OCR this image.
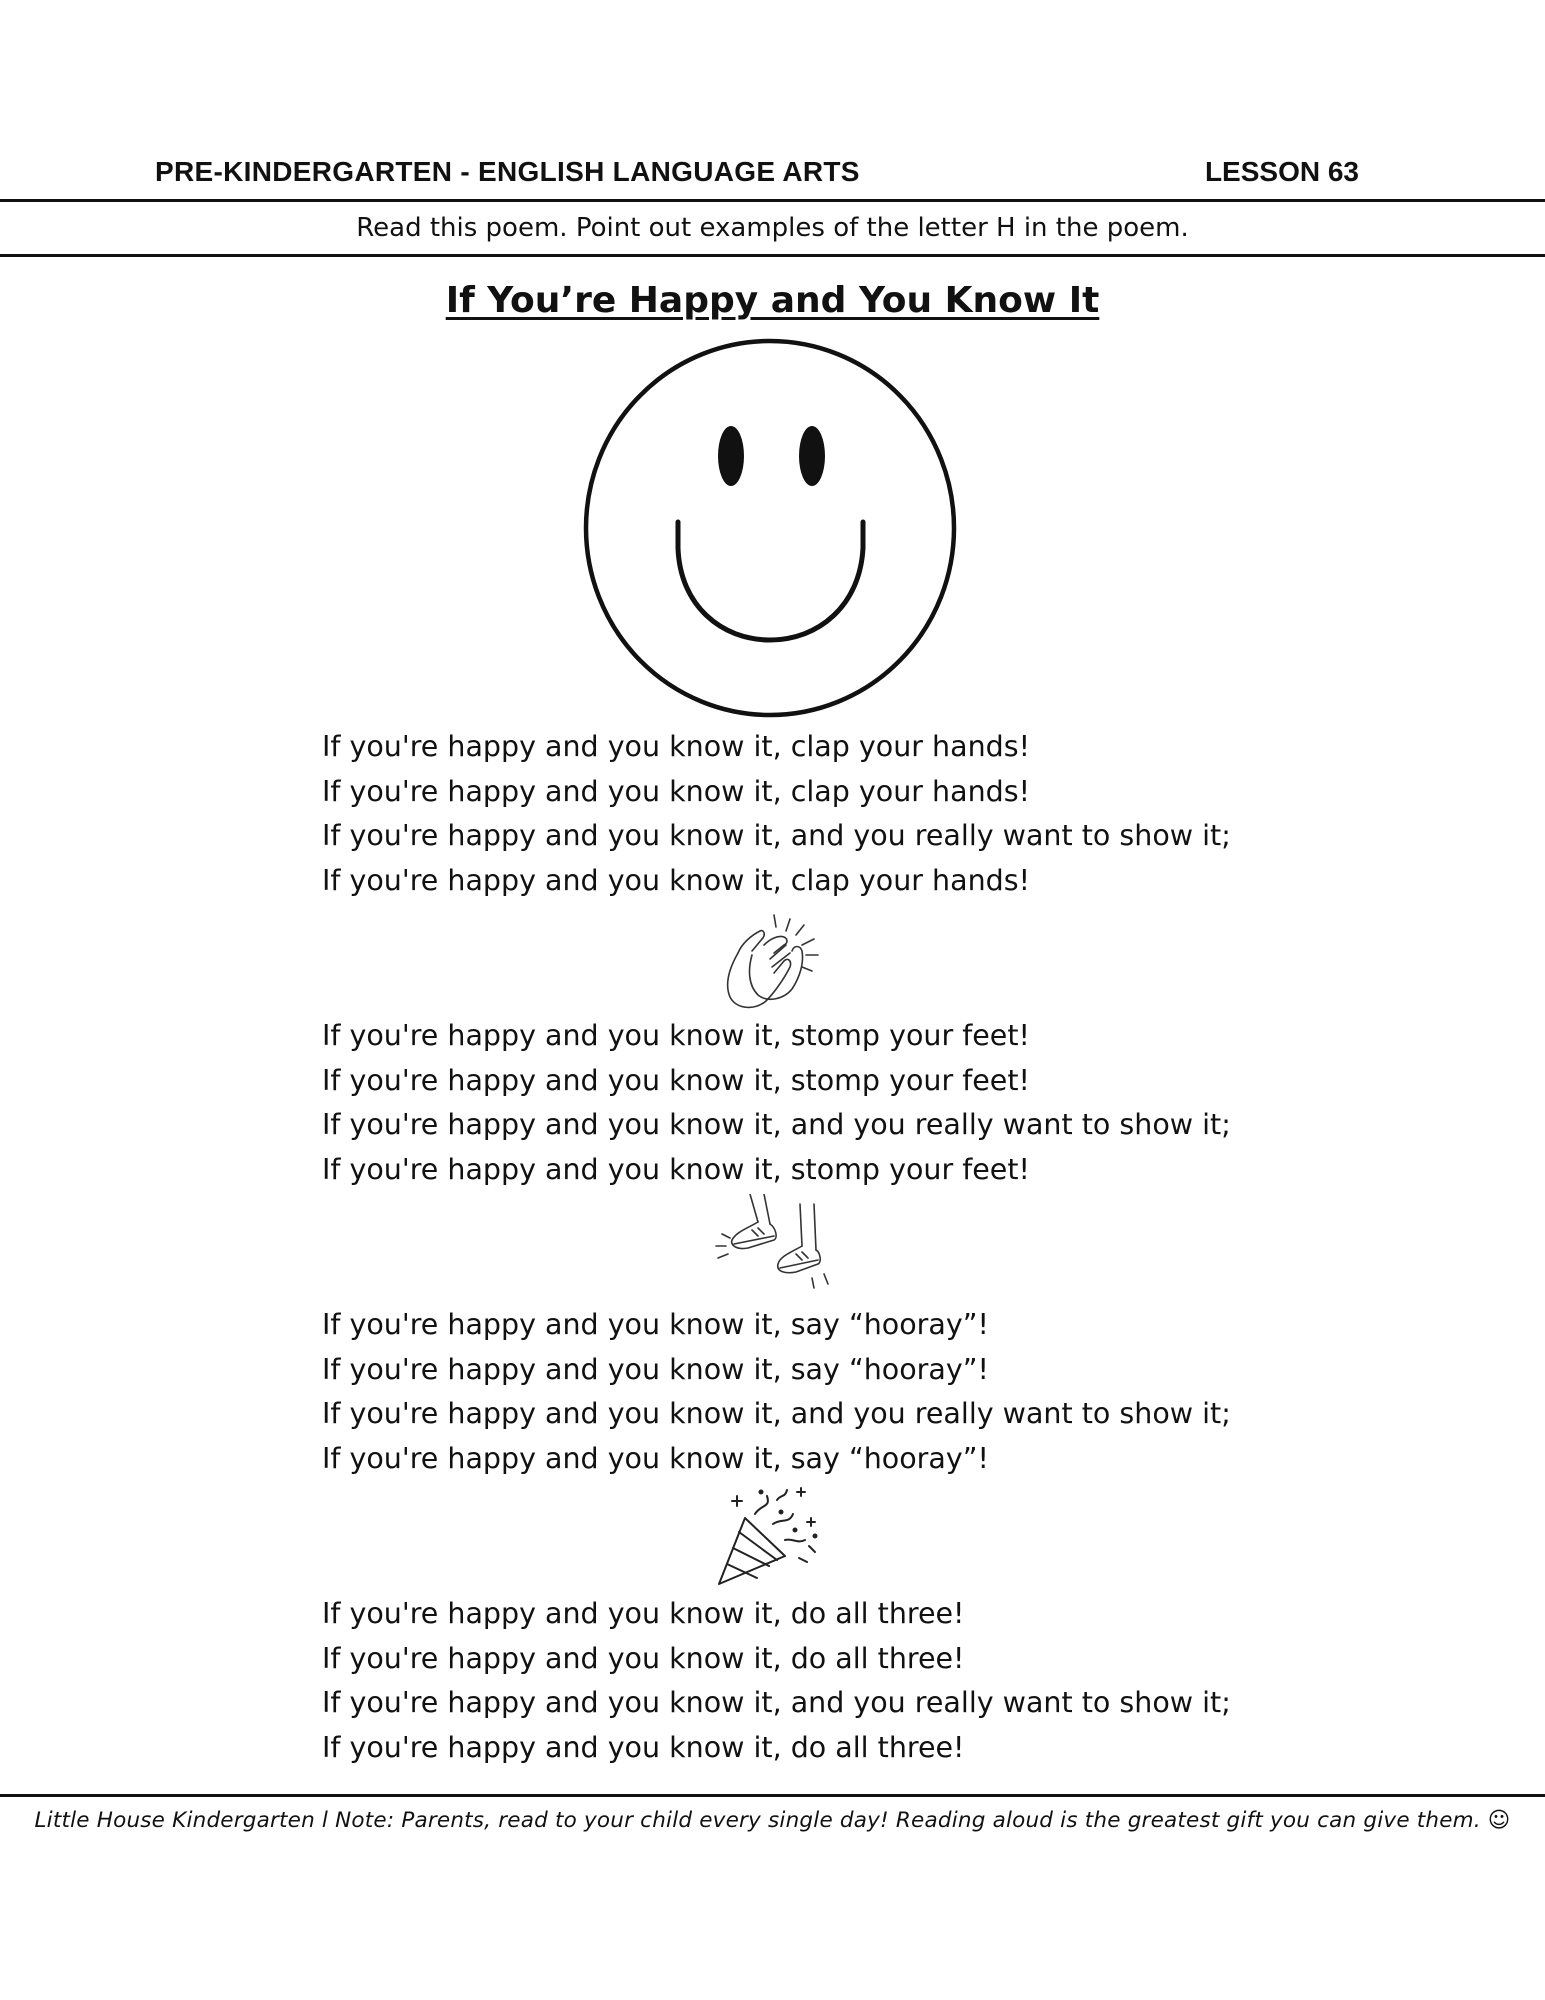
PRE-KINDERGARTEN - ENGLISH LANGUAGE ARTS	LESSON 63
Read this poem. Point out examples of the letter H in the poem.
If You’re Happy and You Know It
If you're happy and you know it, clap your hands!
If you're happy and you know it, clap your hands!
If you're happy and you know it, and you really want to show it;
If you're happy and you know it, clap your hands!
If you're happy and you know it, stomp your feet!
If you're happy and you know it, stomp your feet!
If you're happy and you know it, and you really want to show it;
If you're happy and you know it, stomp your feet!
If you're happy and you know it, say “hooray”!
If you're happy and you know it, say “hooray”!
If you're happy and you know it, and you really want to show it;
If you're happy and you know it, say “hooray”!
If you're happy and you know it, do all three!
If you're happy and you know it, do all three!
If you're happy and you know it, and you really want to show it;
If you're happy and you know it, do all three!
Little House Kindergarten l Note: Parents, read to your child every single day! Reading aloud is the greatest gift you can give them. ☺
